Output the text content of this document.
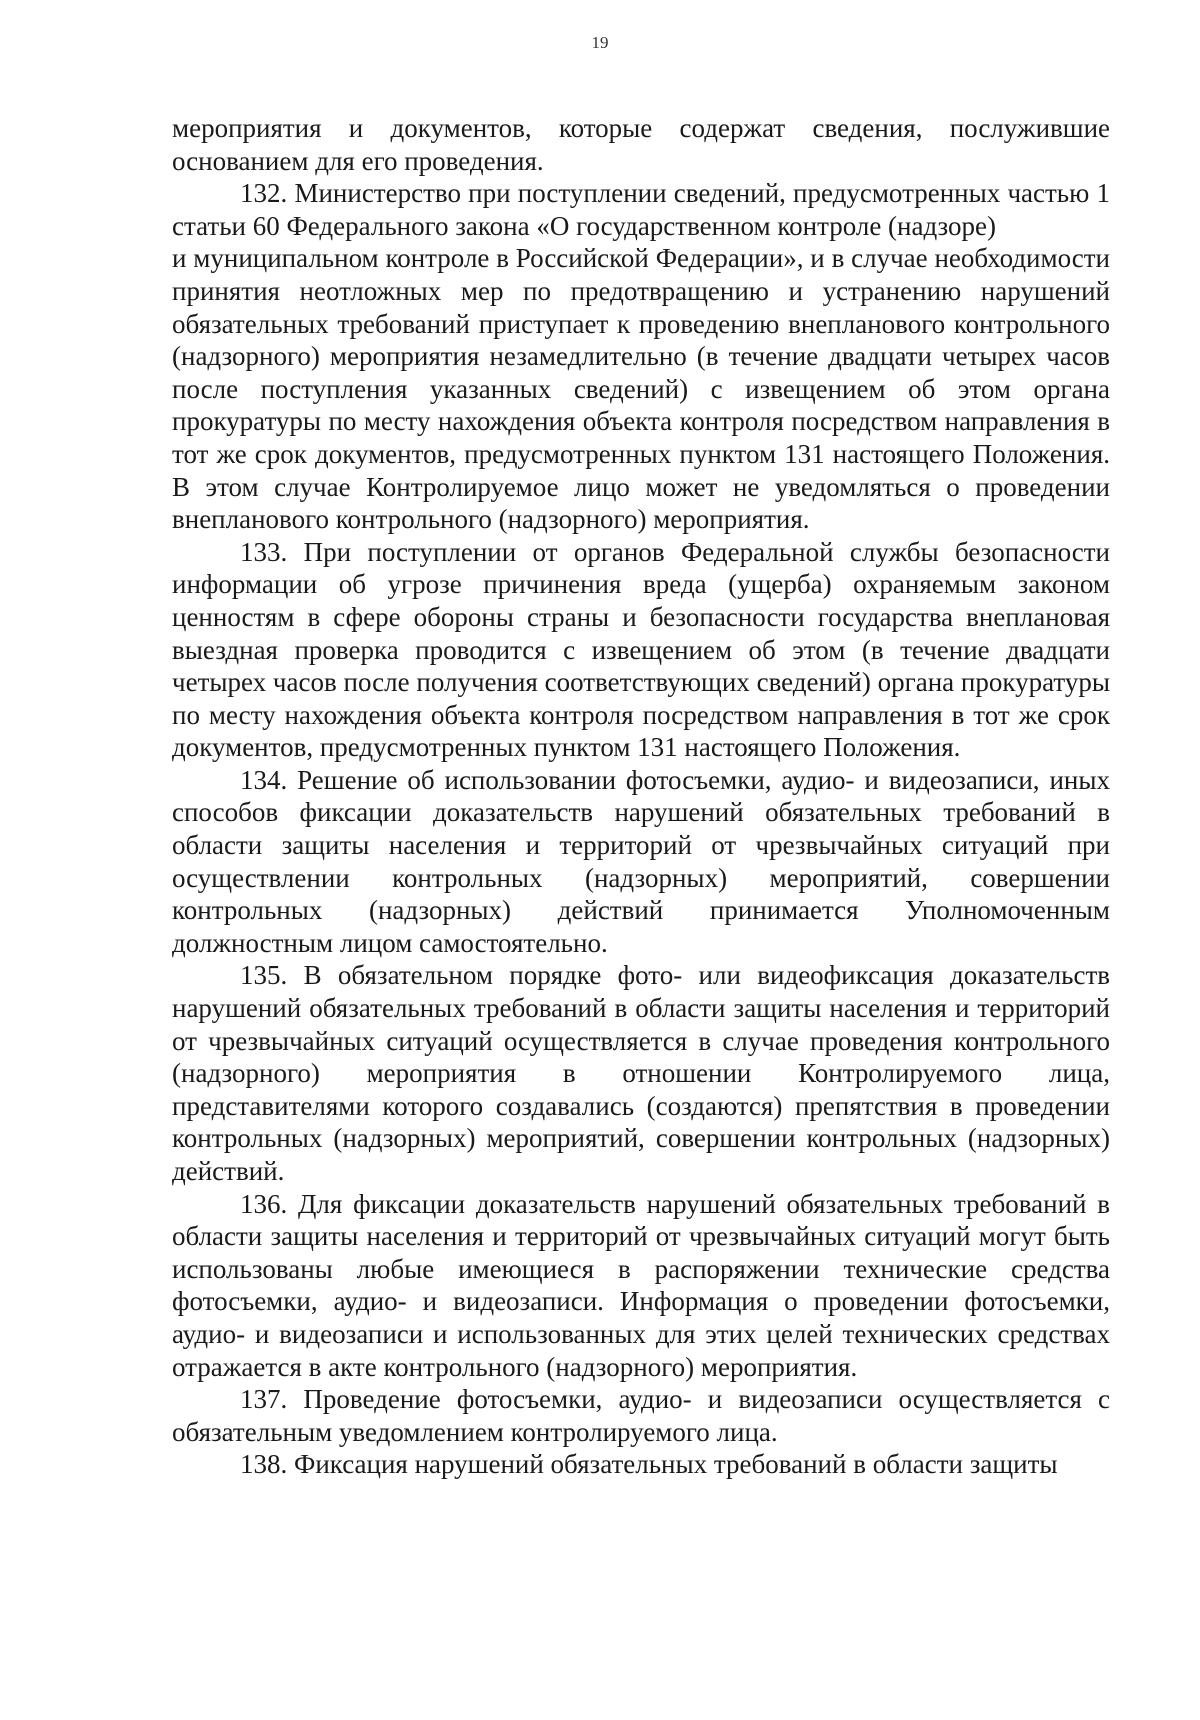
19

мероприятия и документов, которые содержат сведения, послужившие основанием для его проведения.

132. Министерство при поступлении сведений, предусмотренных частью 1 статьи 60 Федерального закона «О государственном контроле (надзоре)

и муниципальном контроле в Российской Федерации», и в случае необходимости принятия неотложных мер по предотвращению и устранению нарушений обязательных требований приступает к проведению внепланового контрольного (надзорного) мероприятия незамедлительно (в течение двадцати четырех часов после поступления указанных сведений) с извещением об этом органа прокуратуры по месту нахождения объекта контроля посредством направления в тот же срок документов, предусмотренных пунктом 131 настоящего Положения. В этом случае Контролируемое лицо может не уведомляться о проведении внепланового контрольного (надзорного) мероприятия.

133. При поступлении от органов Федеральной службы безопасности информации об угрозе причинения вреда (ущерба) охраняемым законом ценностям в сфере обороны страны и безопасности государства внеплановая выездная проверка проводится с извещением об этом (в течение двадцати четырех часов после получения соответствующих сведений) органа прокуратуры по месту нахождения объекта контроля посредством направления в тот же срок документов, предусмотренных пунктом 131 настоящего Положения.

134. Решение об использовании фотосъемки, аудио- и видеозаписи, иных способов фиксации доказательств нарушений обязательных требований в области защиты населения и территорий от чрезвычайных ситуаций при осуществлении контрольных (надзорных) мероприятий, совершении контрольных (надзорных) действий принимается Уполномоченным должностным лицом самостоятельно.

135. В обязательном порядке фото- или видеофиксация доказательств нарушений обязательных требований в области защиты населения и территорий от чрезвычайных ситуаций осуществляется в случае проведения контрольного (надзорного) мероприятия в отношении Контролируемого лица, представителями которого создавались (создаются) препятствия в проведении контрольных (надзорных) мероприятий, совершении контрольных (надзорных) действий.

136. Для фиксации доказательств нарушений обязательных требований в области защиты населения и территорий от чрезвычайных ситуаций могут быть использованы любые имеющиеся в распоряжении технические средства фотосъемки, аудио- и видеозаписи. Информация о проведении фотосъемки, аудио- и видеозаписи и использованных для этих целей технических средствах отражается в акте контрольного (надзорного) мероприятия.

137. Проведение фотосъемки, аудио- и видеозаписи осуществляется с обязательным уведомлением контролируемого лица.

138. Фиксация нарушений обязательных требований в области защиты
